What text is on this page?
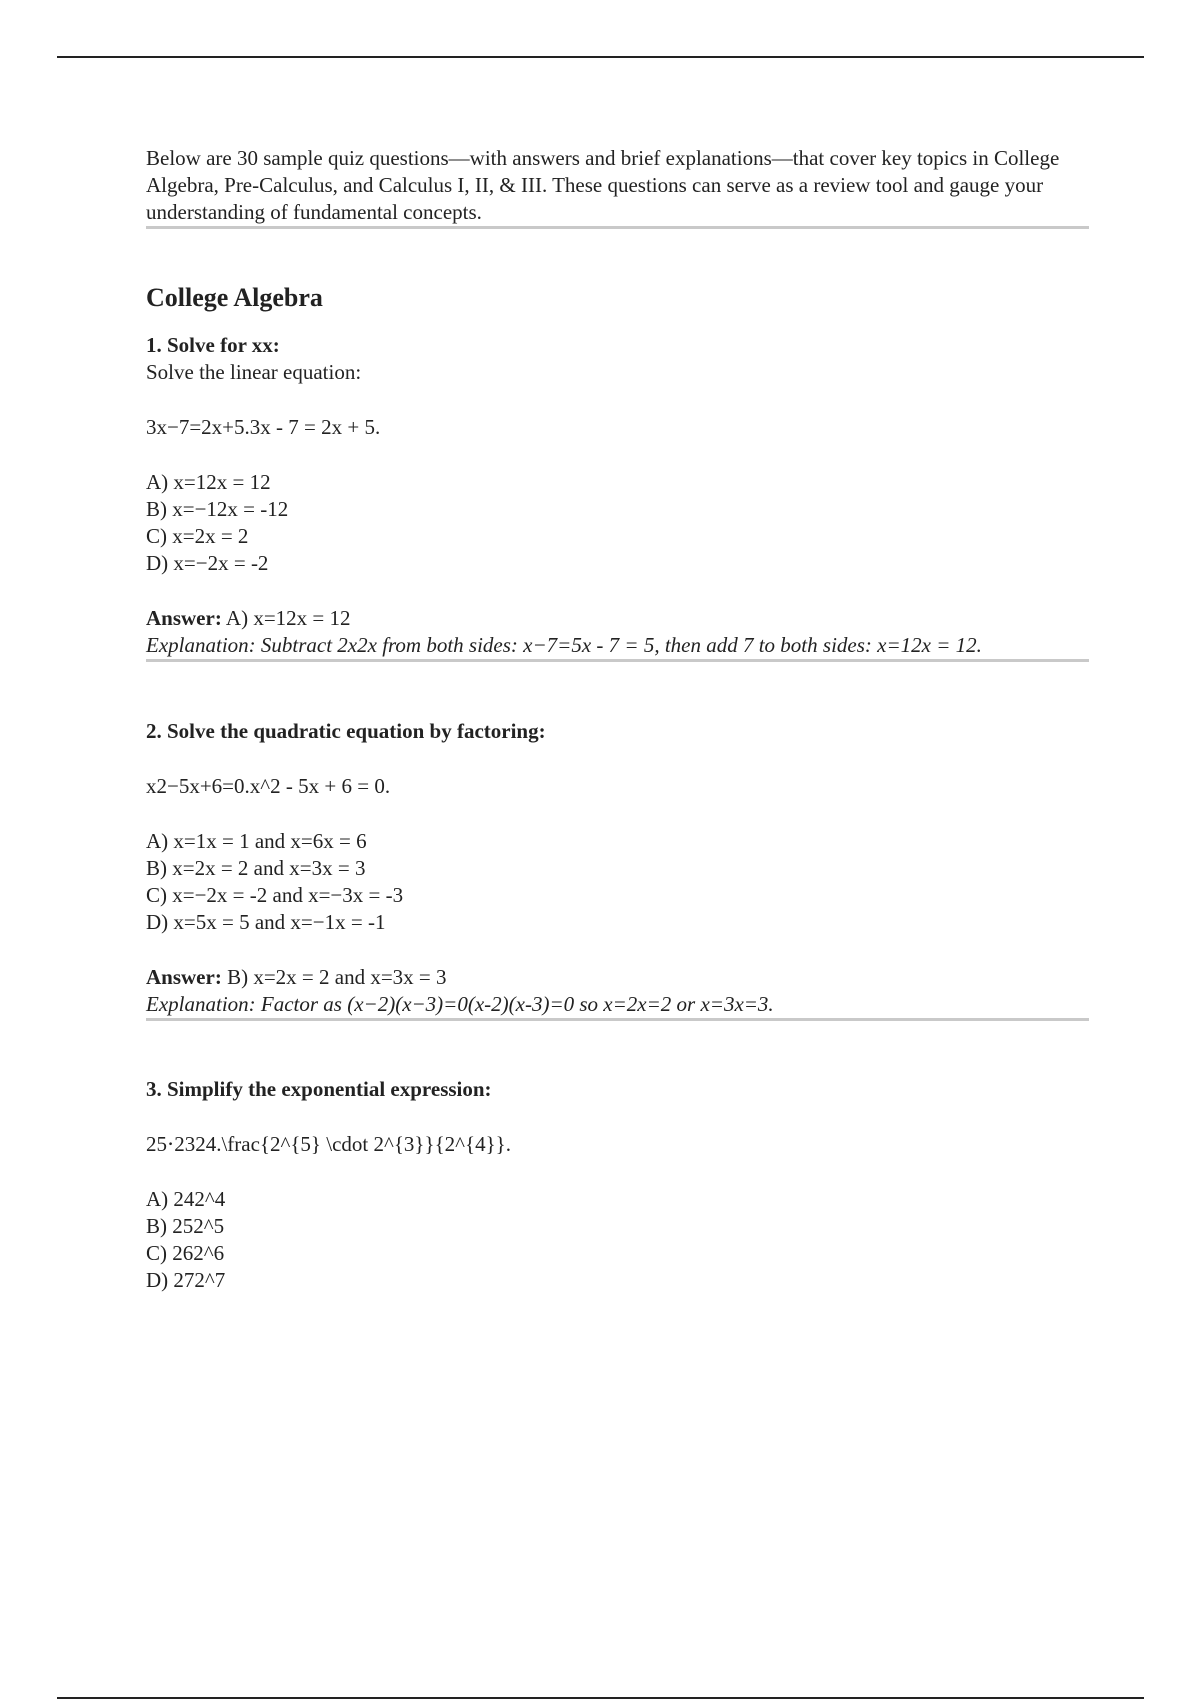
Below are 30 sample quiz questions—with answers and brief explanations—that cover key topics in College Algebra, Pre-Calculus, and Calculus I, II, & III. These questions can serve as a review tool and gauge your understanding of fundamental concepts.

College Algebra

1. Solve for xx:

Solve the linear equation:

3x−7=2x+5.3x - 7 = 2x + 5.

A) x=12x = 12

B) x=−12x = -12

C) x=2x = 2

D) x=−2x = -2

Answer: A) x=12x = 12

Explanation: Subtract 2x2x from both sides: x−7=5x - 7 = 5, then add 7 to both sides: x=12x = 12.

2. Solve the quadratic equation by factoring:

x2−5x+6=0.x^2 - 5x + 6 = 0.

A) x=1x = 1 and x=6x = 6

B) x=2x = 2 and x=3x = 3

C) x=−2x = -2 and x=−3x = -3

D) x=5x = 5 and x=−1x = -1

Answer: B) x=2x = 2 and x=3x = 3

Explanation: Factor as (x−2)(x−3)=0(x-2)(x-3)=0 so x=2x=2 or x=3x=3.

3. Simplify the exponential expression:

25⋅2324.\frac{2^{5} \cdot 2^{3}}{2^{4}}.

A) 242^4

B) 252^5

C) 262^6

D) 272^7
